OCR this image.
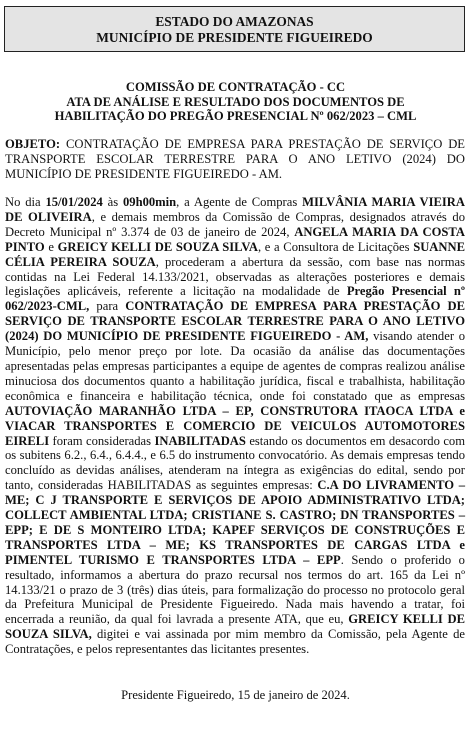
ESTADO DO AMAZONAS
MUNICÍPIO DE PRESIDENTE FIGUEIREDO
COMISSÃO DE CONTRATAÇÃO - CC
ATA DE ANÁLISE E RESULTADO DOS DOCUMENTOS DE
HABILITAÇÃO DO PREGÃO PRESENCIAL Nº 062/2023 – CML
OBJETO: CONTRATAÇÃO DE EMPRESA PARA PRESTAÇÃO DE SERVIÇO DE TRANSPORTE ESCOLAR TERRESTRE PARA O ANO LETIVO (2024) DO MUNICÍPIO DE PRESIDENTE FIGUEIREDO - AM.
No dia 15/01/2024 às 09h00min, a Agente de Compras MILVÂNIA MARIA VIEIRA DE OLIVEIRA, e demais membros da Comissão de Compras, designados através do Decreto Municipal nº 3.374 de 03 de janeiro de 2024, ANGELA MARIA DA COSTA PINTO e GREICY KELLI DE SOUZA SILVA, e a Consultora de Licitações SUANNE CÉLIA PEREIRA SOUZA, procederam a abertura da sessão, com base nas normas contidas na Lei Federal 14.133/2021, observadas as alterações posteriores e demais legislações aplicáveis, referente a licitação na modalidade de Pregão Presencial nº 062/2023-CML, para CONTRATAÇÃO DE EMPRESA PARA PRESTAÇÃO DE SERVIÇO DE TRANSPORTE ESCOLAR TERRESTRE PARA O ANO LETIVO (2024) DO MUNICÍPIO DE PRESIDENTE FIGUEIREDO - AM, visando atender o Município, pelo menor preço por lote. Da ocasião da análise das documentações apresentadas pelas empresas participantes a equipe de agentes de compras realizou análise minuciosa dos documentos quanto a habilitação jurídica, fiscal e trabalhista, habilitação econômica e financeira e habilitação técnica, onde foi constatado que as empresas AUTOVIAÇÃO MARANHÃO LTDA – EP, CONSTRUTORA ITAOCA LTDA e VIACAR TRANSPORTES E COMERCIO DE VEICULOS AUTOMOTORES EIRELI foram consideradas INABILITADAS estando os documentos em desacordo com os subitens 6.2., 6.4., 6.4.4., e 6.5 do instrumento convocatório. As demais empresas tendo concluído as devidas análises, atenderam na íntegra as exigências do edital, sendo por tanto, consideradas HABILITADAS as seguintes empresas: C.A DO LIVRAMENTO – ME; C J TRANSPORTE E SERVIÇOS DE APOIO ADMINISTRATIVO LTDA; COLLECT AMBIENTAL LTDA; CRISTIANE S. CASTRO; DN TRANSPORTES – EPP; E DE S MONTEIRO LTDA; KAPEF SERVIÇOS DE CONSTRUÇÕES E TRANSPORTES LTDA – ME; KS TRANSPORTES DE CARGAS LTDA e PIMENTEL TURISMO E TRANSPORTES LTDA – EPP. Sendo o proferido o resultado, informamos a abertura do prazo recursal nos termos do art. 165 da Lei nº 14.133/21 o prazo de 3 (três) dias úteis, para formalização do processo no protocolo geral da Prefeitura Municipal de Presidente Figueiredo. Nada mais havendo a tratar, foi encerrada a reunião, da qual foi lavrada a presente ATA, que eu, GREICY KELLI DE SOUZA SILVA, digitei e vai assinada por mim membro da Comissão, pela Agente de Contratações, e pelos representantes das licitantes presentes.
Presidente Figueiredo, 15 de janeiro de 2024.
